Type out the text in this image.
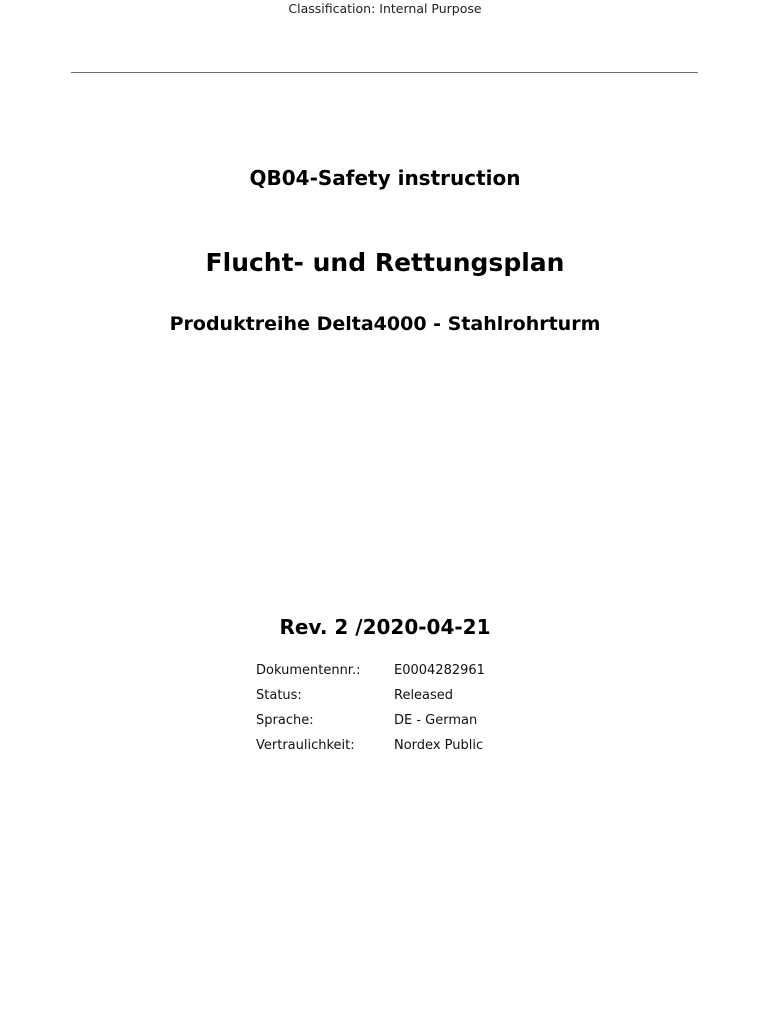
Classification: Internal Purpose
QB04-Safety instruction
Flucht- und Rettungsplan
Produktreihe Delta4000 - Stahlrohrturm
Rev. 2 /2020-04-21
Dokumentennr.:	E0004282961
Status:	Released
Sprache:	DE - German
Vertraulichkeit:	Nordex Public
